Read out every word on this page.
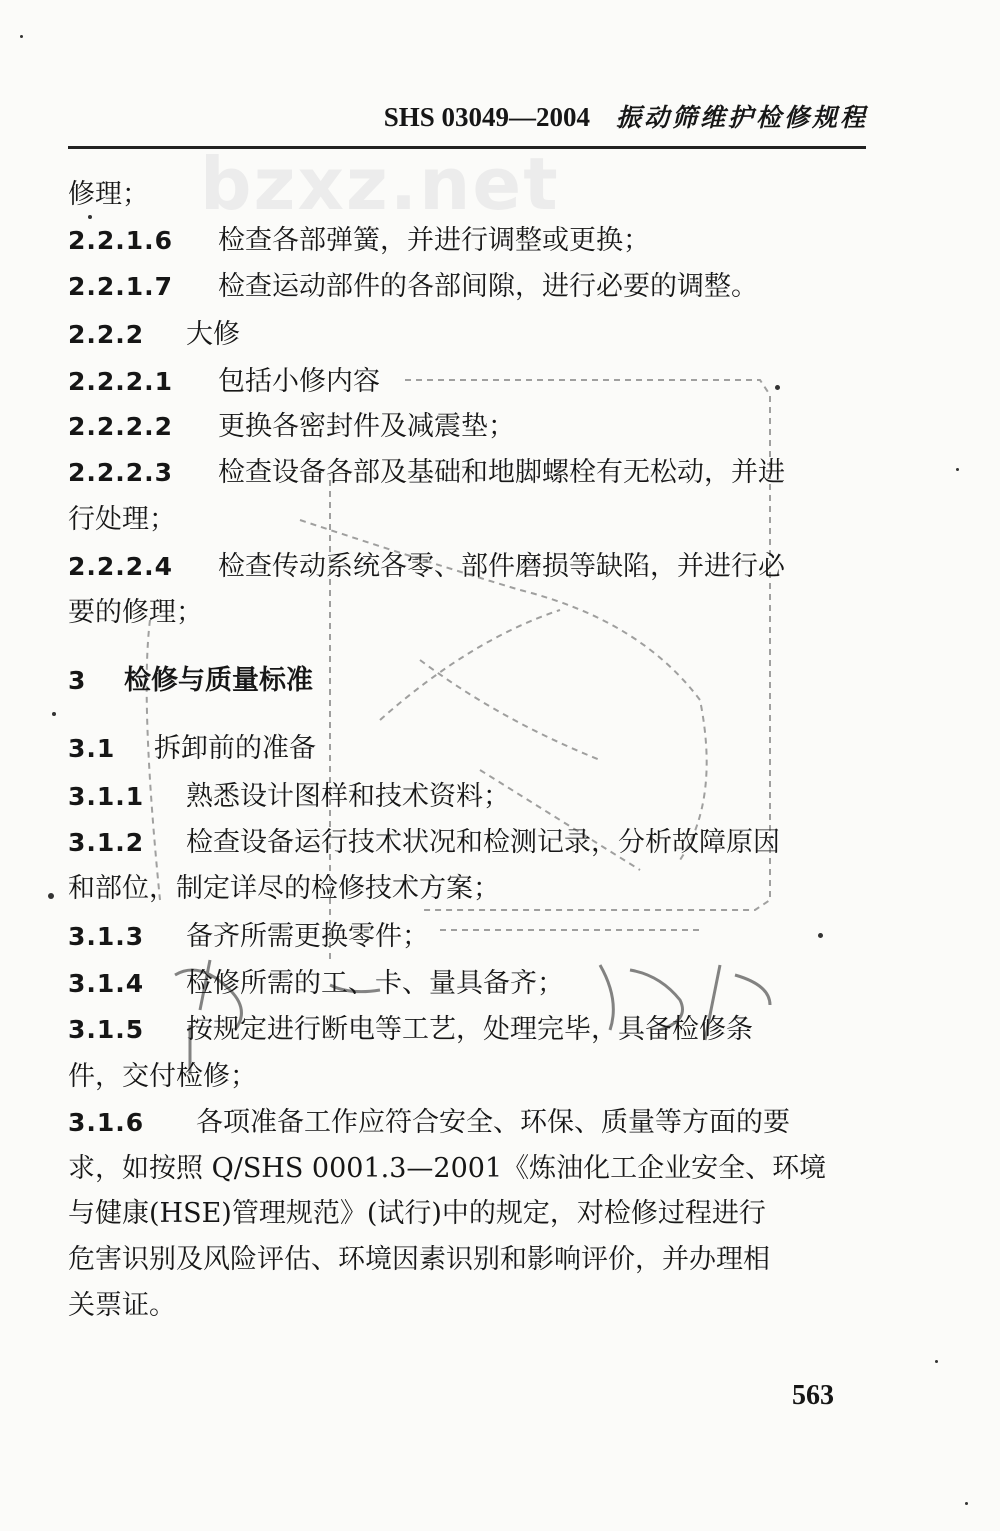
SHS 03049—2004 振动筛维护检修规程
bzxz.net
修理；
2.2.1.6 检查各部弹簧，并进行调整或更换；
2.2.1.7 检查运动部件的各部间隙，进行必要的调整。
2.2.2 大修
2.2.2.1 包括小修内容
2.2.2.2 更换各密封件及减震垫；
2.2.2.3 检查设备各部及基础和地脚螺栓有无松动，并进
行处理；
2.2.2.4 检查传动系统各零、部件磨损等缺陷，并进行必
要的修理；
3 检修与质量标准
3.1 拆卸前的准备
3.1.1 熟悉设计图样和技术资料；
3.1.2 检查设备运行技术状况和检测记录，分析故障原因
和部位，制定详尽的检修技术方案；
3.1.3 备齐所需更换零件；
3.1.4 检修所需的工、卡、量具备齐；
3.1.5 按规定进行断电等工艺，处理完毕，具备检修条
件，交付检修；
3.1.6 各项准备工作应符合安全、环保、质量等方面的要
求，如按照 Q/SHS 0001.3—2001《炼油化工企业安全、环境
与健康(HSE)管理规范》(试行)中的规定，对检修过程进行
危害识别及风险评估、环境因素识别和影响评价，并办理相
关票证。
563
